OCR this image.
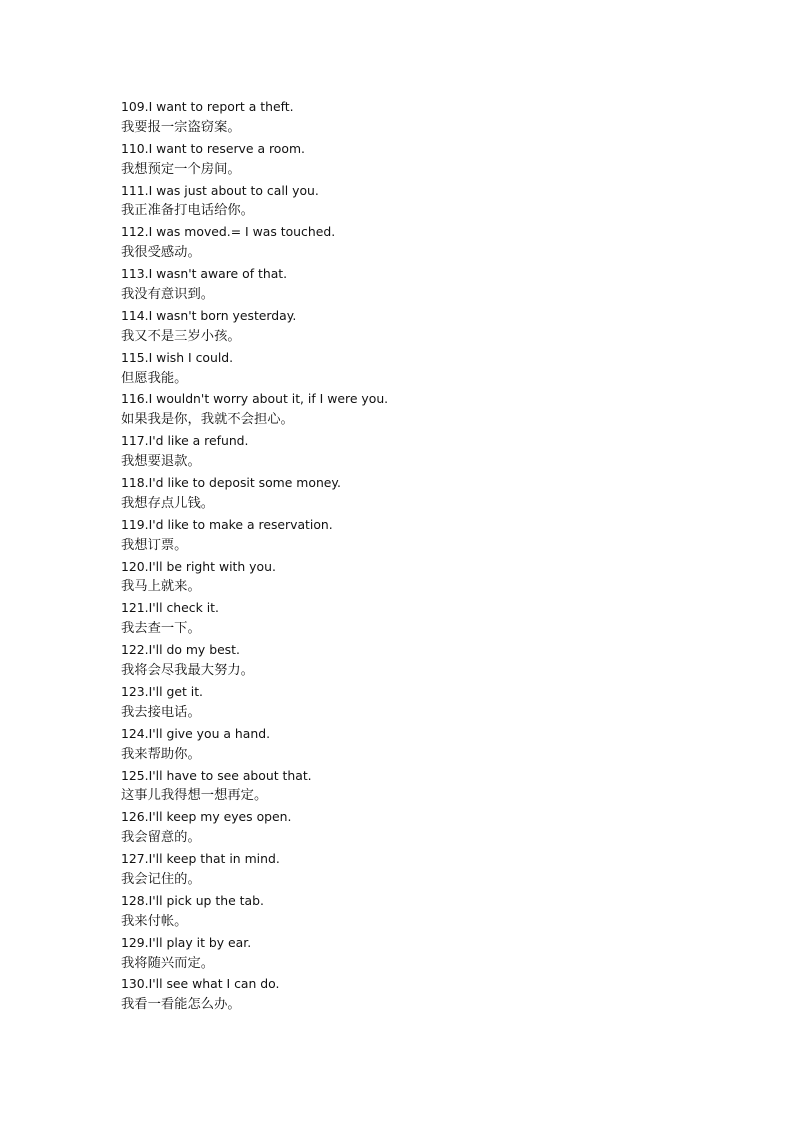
109.I want to report a theft.
我要报一宗盗窃案。
110.I want to reserve a room.
我想预定一个房间。
111.I was just about to call you.
我正准备打电话给你。
112.I was moved.= I was touched.
我很受感动。
113.I wasn't aware of that.
我没有意识到。
114.I wasn't born yesterday.
我又不是三岁小孩。
115.I wish I could.
但愿我能。
116.I wouldn't worry about it, if I were you.
如果我是你，我就不会担心。
117.I'd like a refund.
我想要退款。
118.I'd like to deposit some money.
我想存点儿钱。
119.I'd like to make a reservation.
我想订票。
120.I'll be right with you.
我马上就来。
121.I'll check it.
我去查一下。
122.I'll do my best.
我将会尽我最大努力。
123.I'll get it.
我去接电话。
124.I'll give you a hand.
我来帮助你。
125.I'll have to see about that.
这事儿我得想一想再定。
126.I'll keep my eyes open.
我会留意的。
127.I'll keep that in mind.
我会记住的。
128.I'll pick up the tab.
我来付帐。
129.I'll play it by ear.
我将随兴而定。
130.I'll see what I can do.
我看一看能怎么办。
